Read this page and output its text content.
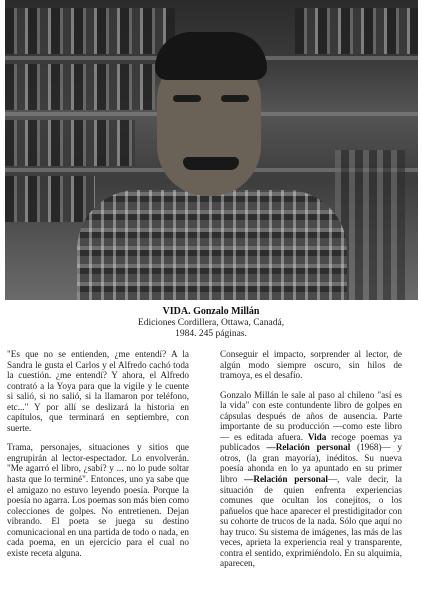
VIDA. Gonzalo Millán
Ediciones Cordillera, Ottawa, Canadá,
1984. 245 páginas.

"Es que no se entienden, ¿me entendí? A la Sandra le gusta el Carlos y el Alfredo cachó toda la cuestión. ¿me entendí? Y ahora, el Alfredo contrató a la Yoya para que la vigile y le cuente si salió, si no salió, si la llamaron por teléfono, etc..." Y por allí se deslizará la historia en capítulos, que terminará en septiembre, con suerte.

Trama, personajes, situaciones y sitios que engrupirán al lector-espectador. Lo envolverán. "Me agarró el libro, ¿sabí? y ... no lo pude soltar hasta que lo terminé". Entonces, uno ya sabe que el amigazo no estuvo leyendo poesía. Porque la poesía no agarra. Los poemas son más bien como colecciones de golpes. No entretienen. Dejan vibrando. El poeta se juega su destino comunicacional en una partida de todo o nada, en cada poema, en un ejercicio para el cual no existe receta alguna.

Conseguir el impacto, sorprender al lector, de algún modo siempre oscuro, sin hilos de tramoya, es el desafío.

Gonzalo Millán le sale al paso al chileno "así es la vida" con este contundente libro de golpes en cápsulas después de años de ausencia. Parte importante de su producción —como este libro— es editada afuera. Vida recoge poemas ya publicados —Relación personal (1968)— y otros, (la gran mayoría), inéditos. Su nueva poesía ahonda en lo ya apuntado en su primer libro —Relación personal—, vale decir, la situación de quien enfrenta experiencias comunes que ocultan los conejitos, o los pañuelos que hace aparecer el prestidigitador con su cohorte de trucos de la nada. Sólo que aquí no hay truco. Su sistema de imágenes, las más de las veces, aprieta la experiencia real y transparente, contra el sentido, exprimiéndolo. En su alquimia, aparecen,
